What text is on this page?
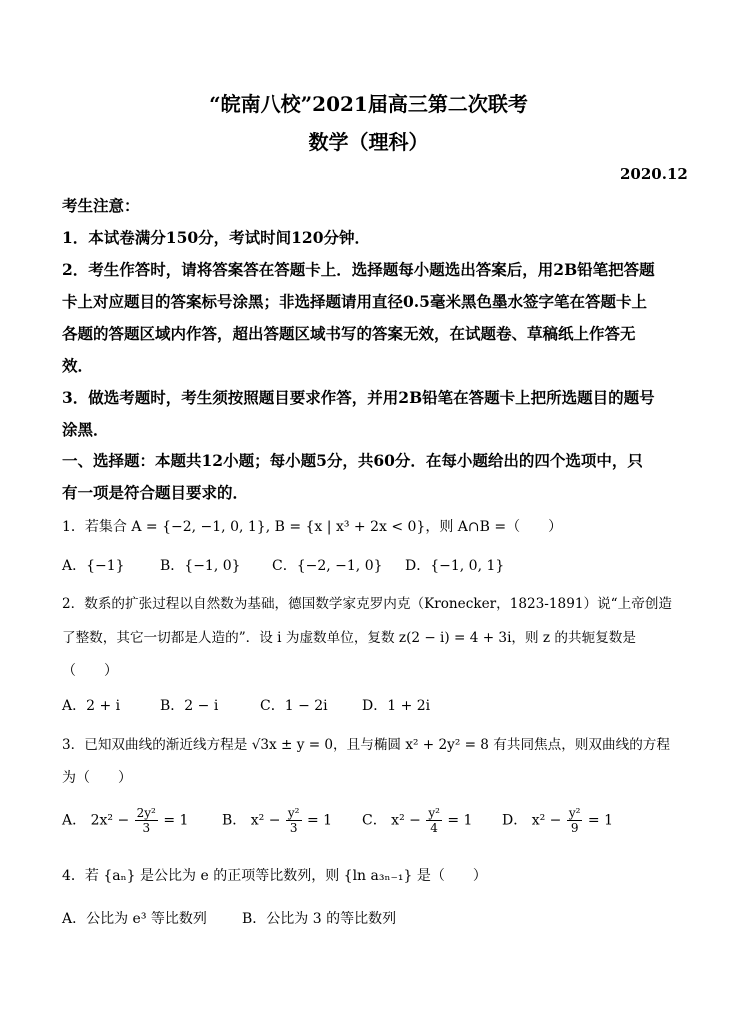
“皖南八校”2021届高三第二次联考
数学（理科）
2020.12
考生注意：
1．本试卷满分150分，考试时间120分钟．
2．考生作答时，请将答案答在答题卡上．选择题每小题选出答案后，用2B铅笔把答题
卡上对应题目的答案标号涂黑；非选择题请用直径0.5毫米黑色墨水签字笔在答题卡上
各题的答题区域内作答，超出答题区域书写的答案无效，在试题卷、草稿纸上作答无
效．
3．做选考题时，考生须按照题目要求作答，并用2B铅笔在答题卡上把所选题目的题号
涂黑．
一、选择题：本题共12小题；每小题5分，共60分．在每小题给出的四个选项中，只
有一项是符合题目要求的．
1．若集合 A = {−2, −1, 0, 1}, B = {x | x³ + 2x < 0}，则 A∩B =（　　）
A．{−1}	B．{−1, 0} C．{−2, −1, 0} D．{−1, 0, 1}
2．数系的扩张过程以自然数为基础，德国数学家克罗内克（Kronecker，1823-1891）说“上帝创造
了整数，其它一切都是人造的”．设 i 为虚数单位，复数 z(2 − i) = 4 + 3i，则 z 的共轭复数是
（　　）
A．2 + i	B．2 − i	C．1 − 2i D．1 + 2i
3．已知双曲线的渐近线方程是 √3x ± y = 0，且与椭圆 x² + 2y² = 8 有共同焦点，则双曲线的方程
为（　　）
A． $2x^2 - \frac{\text{2y²}}{3} = 1$ B． $x^2 - \frac{\text{y²}}{3} = 1$ C． $x^2 - \frac{\text{y²}}{4} = 1$ D． $x^2 - \frac{\text{y²}}{9} = 1$
4．若 {aₙ} 是公比为 e 的正项等比数列，则 {ln a₃ₙ₋₁} 是（　　）
A．公比为 e³ 等比数列	B．公比为 3 的等比数列
